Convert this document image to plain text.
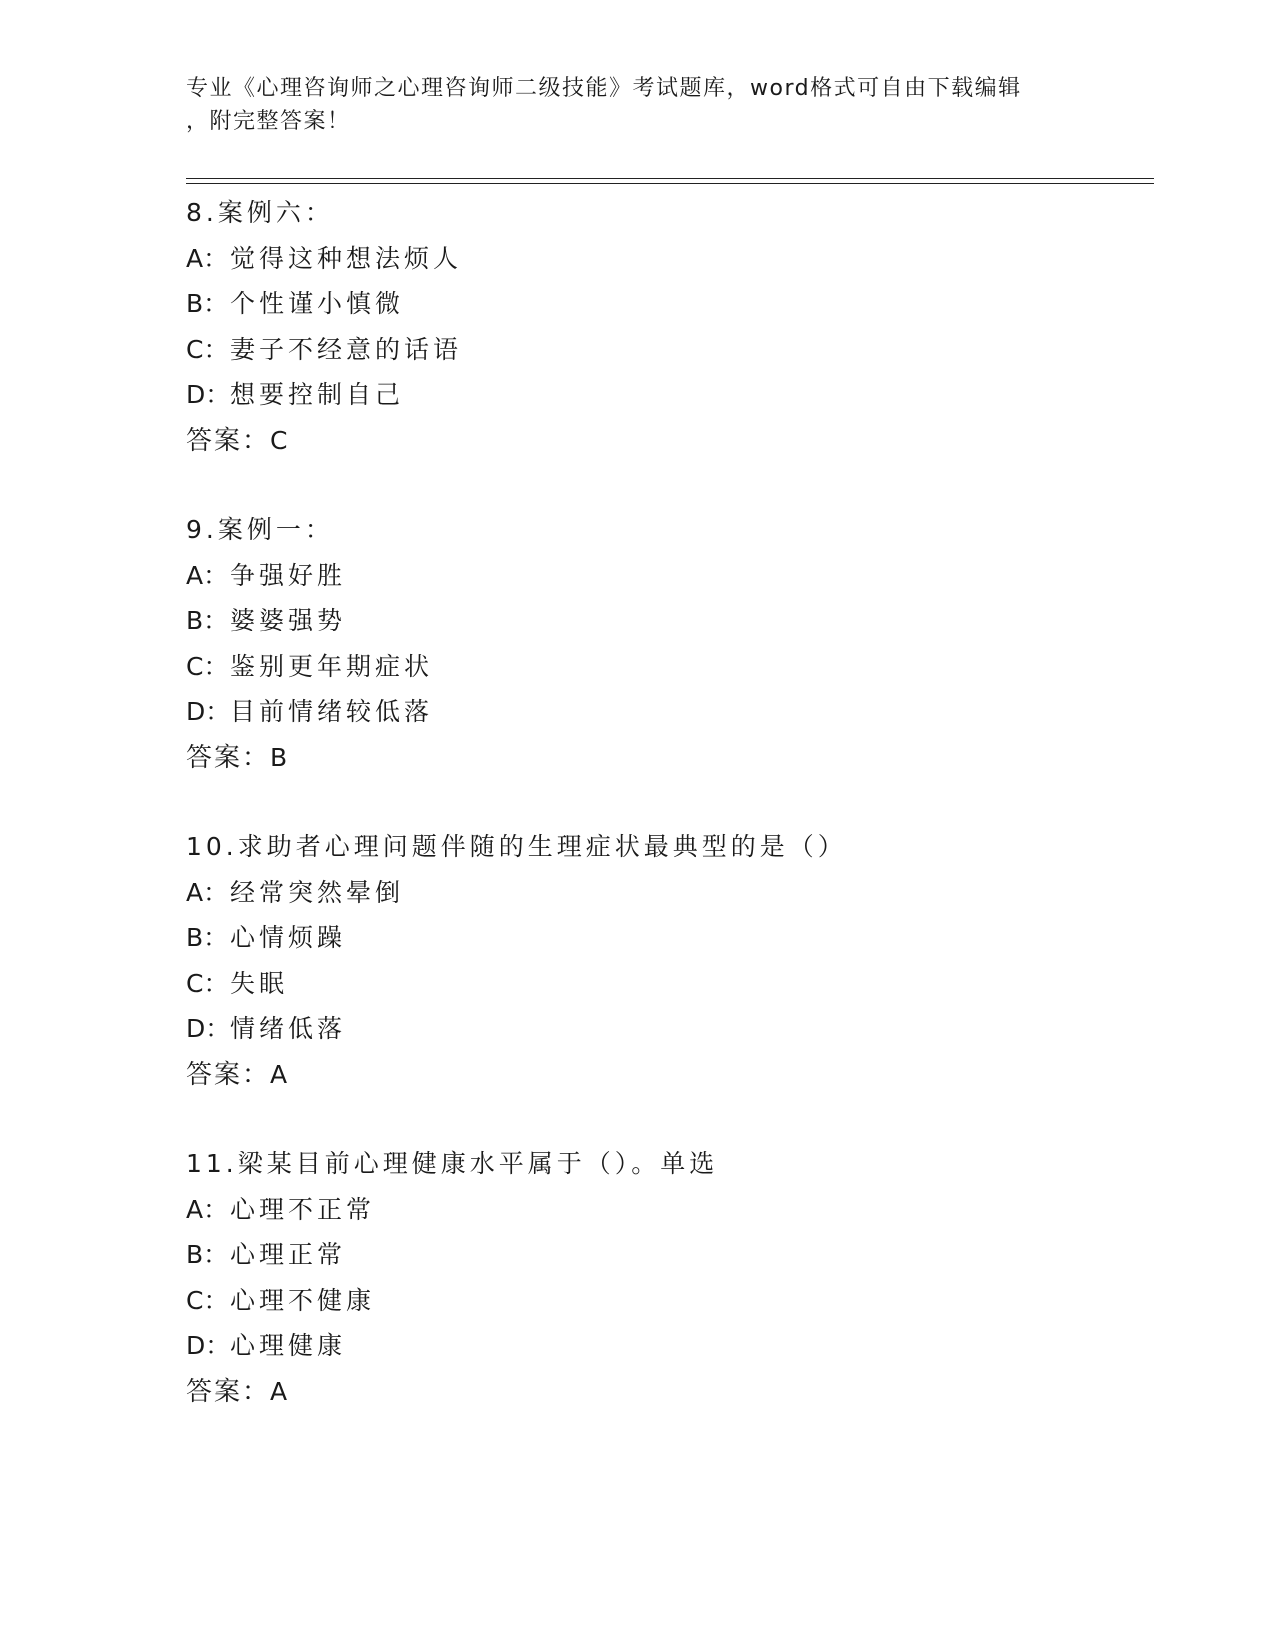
专业《心理咨询师之心理咨询师二级技能》考试题库，word格式可自由下载编辑
，附完整答案！
8.案例六：
A：觉得这种想法烦人
B：个性谨小慎微
C：妻子不经意的话语
D：想要控制自己
答案：C
9.案例一：
A：争强好胜
B：婆婆强势
C：鉴别更年期症状
D：目前情绪较低落
答案：B
10.求助者心理问题伴随的生理症状最典型的是（）
A：经常突然晕倒
B：心情烦躁
C：失眠
D：情绪低落
答案：A
11.梁某目前心理健康水平属于（）。单选
A：心理不正常
B：心理正常
C：心理不健康
D：心理健康
答案：A
